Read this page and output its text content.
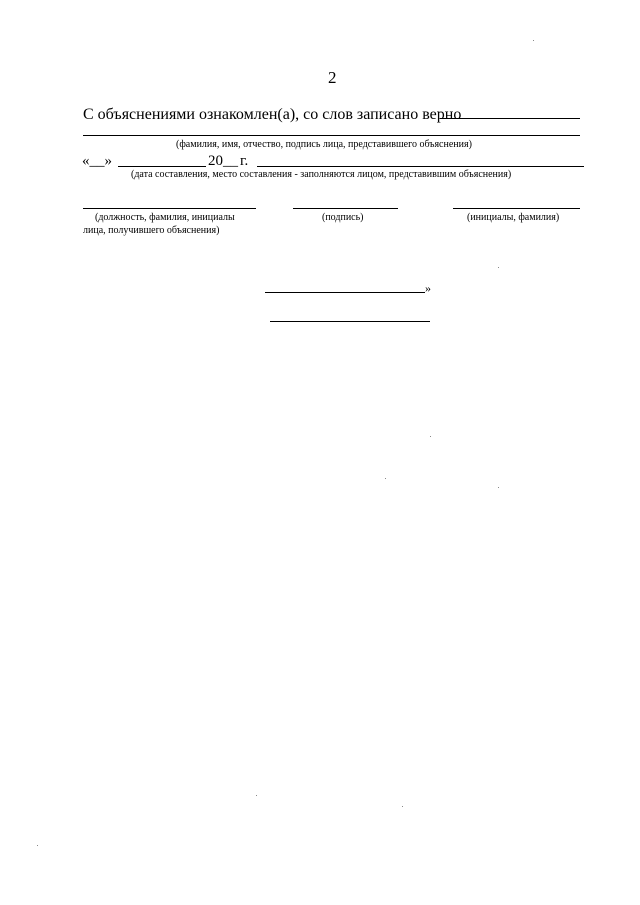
2
С объяснениями ознакомлен(а), со слов записано верно
(фамилия, имя, отчество, подпись лица, представившего объяснения)
«__»	20__ г.
(дата составления, место составления - заполняются лицом, представившим объяснения)
(должность, фамилия, инициалы
лица, получившего объяснения)
(подпись)	(инициалы, фамилия)
»
